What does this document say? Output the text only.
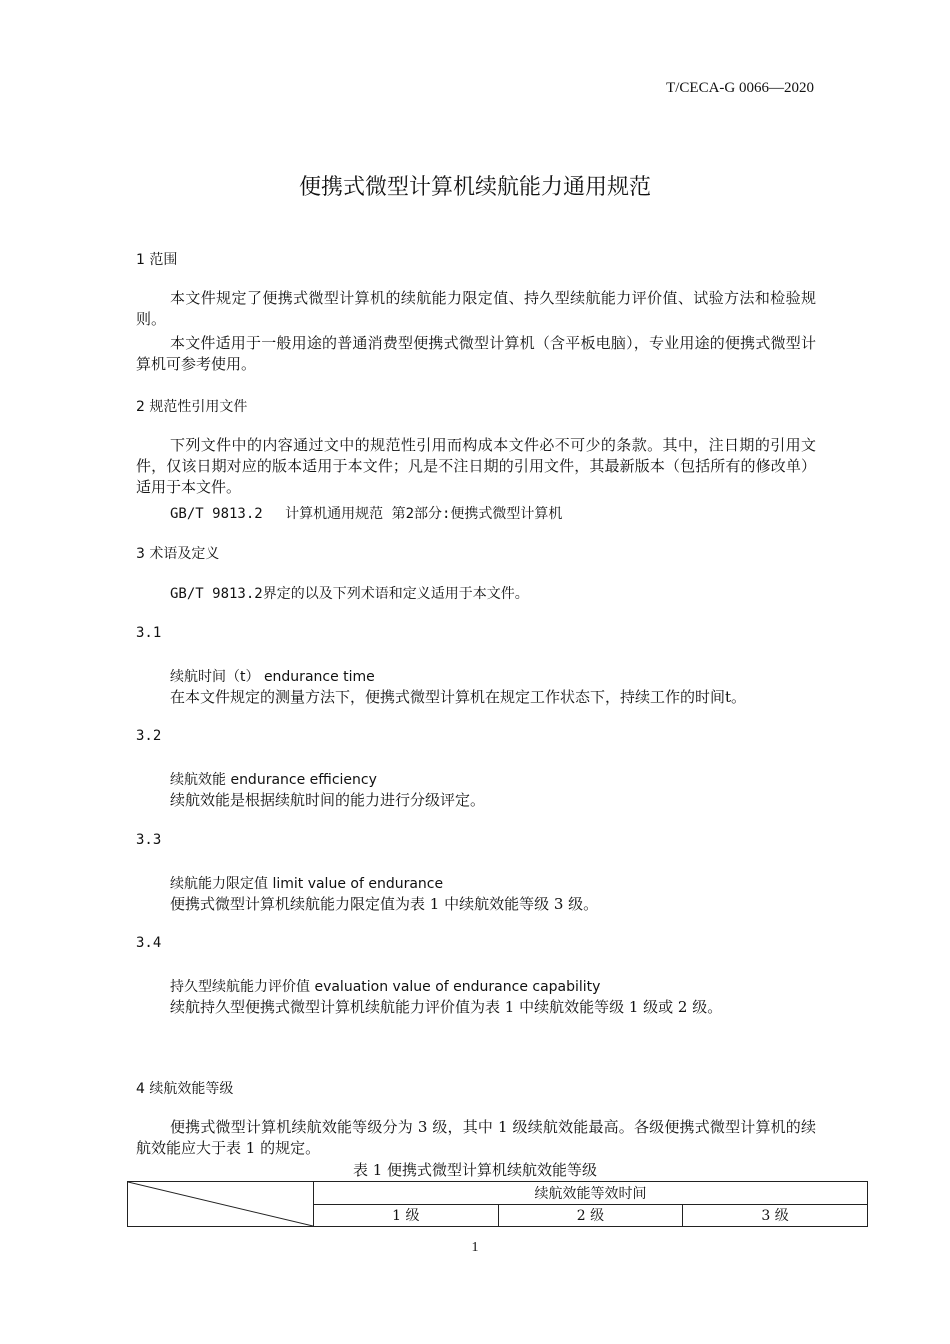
T/CECA-G 0066—2020
便携式微型计算机续航能力通用规范
1 范围
本文件规定了便携式微型计算机的续航能力限定值、持久型续航能力评价值、试验方法和检验规则。
本文件适用于一般用途的普通消费型便携式微型计算机（含平板电脑），专业用途的便携式微型计算机可参考使用。
2 规范性引用文件
下列文件中的内容通过文中的规范性引用而构成本文件必不可少的条款。其中，注日期的引用文件，仅该日期对应的版本适用于本文件；凡是不注日期的引用文件，其最新版本（包括所有的修改单）适用于本文件。
GB/T 9813.2　 计算机通用规范 第2部分:便携式微型计算机
3 术语及定义
GB/T 9813.2界定的以及下列术语和定义适用于本文件。
3.1
续航时间（t） endurance time
在本文件规定的测量方法下，便携式微型计算机在规定工作状态下，持续工作的时间t。
3.2
续航效能 endurance efficiency
续航效能是根据续航时间的能力进行分级评定。
3.3
续航能力限定值 limit value of endurance
便携式微型计算机续航能力限定值为表 1 中续航效能等级 3 级。
3.4
持久型续航能力评价值 evaluation value of endurance capability
续航持久型便携式微型计算机续航能力评价值为表 1 中续航效能等级 1 级或 2 级。
4 续航效能等级
便携式微型计算机续航效能等级分为 3 级，其中 1 级续航效能最高。各级便携式微型计算机的续航效能应大于表 1 的规定。
表 1 便携式微型计算机续航效能等级
	续航效能等效时间		
	1 级	2 级	3 级
1
